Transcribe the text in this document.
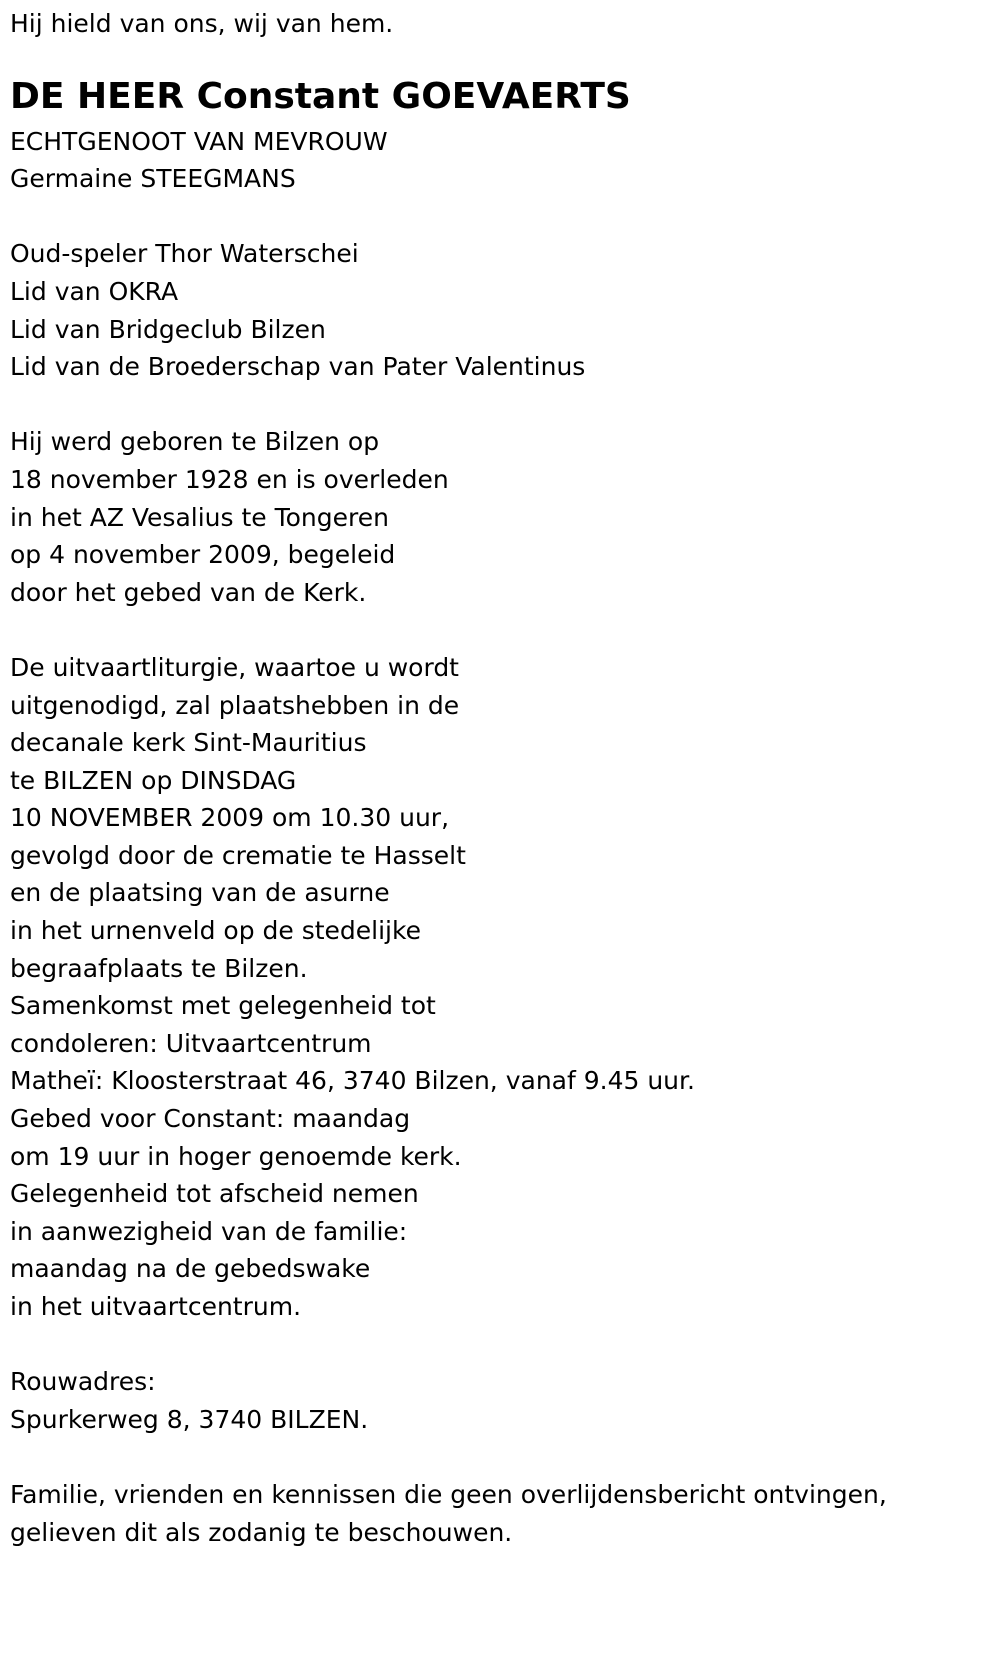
Hij hield van ons, wij van hem.

DE HEER Constant GOEVAERTS

ECHTGENOOT VAN MEVROUW

Germaine STEEGMANS

Oud-speler Thor Waterschei

Lid van OKRA

Lid van Bridgeclub Bilzen

Lid van de Broederschap van Pater Valentinus

Hij werd geboren te Bilzen op

18 november 1928 en is overleden

in het AZ Vesalius te Tongeren

op 4 november 2009, begeleid

door het gebed van de Kerk.

De uitvaartliturgie, waartoe u wordt

uitgenodigd, zal plaatshebben in de

decanale kerk Sint-Mauritius

te BILZEN op DINSDAG

10 NOVEMBER 2009 om 10.30 uur,

gevolgd door de crematie te Hasselt

en de plaatsing van de asurne

in het urnenveld op de stedelijke

begraafplaats te Bilzen.

Samenkomst met gelegenheid tot

condoleren: Uitvaartcentrum

Matheï: Kloosterstraat 46, 3740 Bilzen, vanaf 9.45 uur.

Gebed voor Constant: maandag

om 19 uur in hoger genoemde kerk.

Gelegenheid tot afscheid nemen

in aanwezigheid van de familie:

maandag na de gebedswake

in het uitvaartcentrum.

Rouwadres:

Spurkerweg 8, 3740 BILZEN.

Familie, vrienden en kennissen die geen overlijdensbericht ontvingen,

gelieven dit als zodanig te beschouwen.
